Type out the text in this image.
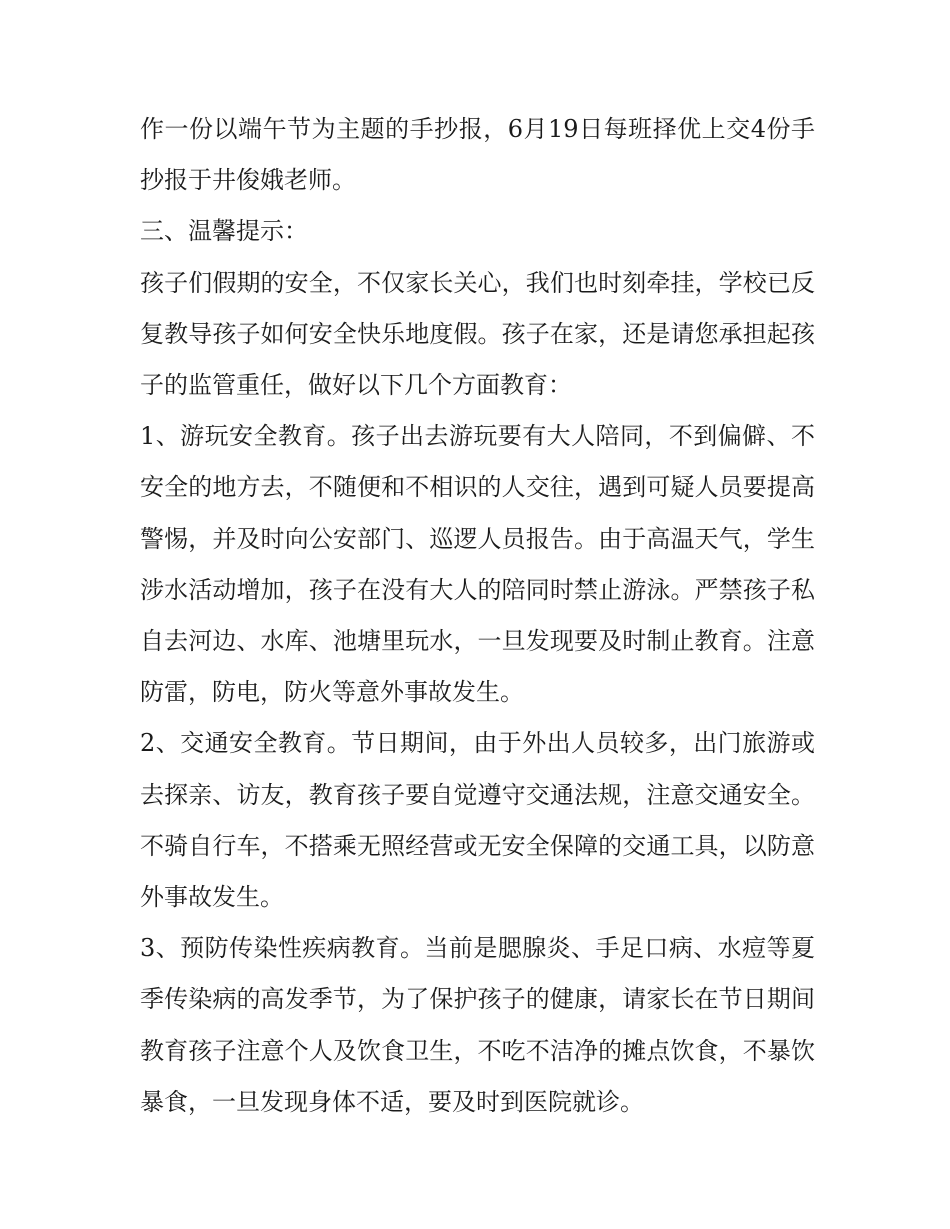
作一份以端午节为主题的手抄报，6月19日每班择优上交4份手抄报于井俊娥老师。

三、温馨提示：

孩子们假期的安全，不仅家长关心，我们也时刻牵挂，学校已反复教导孩子如何安全快乐地度假。孩子在家，还是请您承担起孩子的监管重任，做好以下几个方面教育：

1、游玩安全教育。孩子出去游玩要有大人陪同，不到偏僻、不安全的地方去，不随便和不相识的人交往，遇到可疑人员要提高警惕，并及时向公安部门、巡逻人员报告。由于高温天气，学生涉水活动增加，孩子在没有大人的陪同时禁止游泳。严禁孩子私自去河边、水库、池塘里玩水，一旦发现要及时制止教育。注意防雷，防电，防火等意外事故发生。

2、交通安全教育。节日期间，由于外出人员较多，出门旅游或去探亲、访友，教育孩子要自觉遵守交通法规，注意交通安全。不骑自行车，不搭乘无照经营或无安全保障的交通工具，以防意外事故发生。

3、预防传染性疾病教育。当前是腮腺炎、手足口病、水痘等夏季传染病的高发季节，为了保护孩子的健康，请家长在节日期间教育孩子注意个人及饮食卫生，不吃不洁净的摊点饮食，不暴饮暴食，一旦发现身体不适，要及时到医院就诊。
